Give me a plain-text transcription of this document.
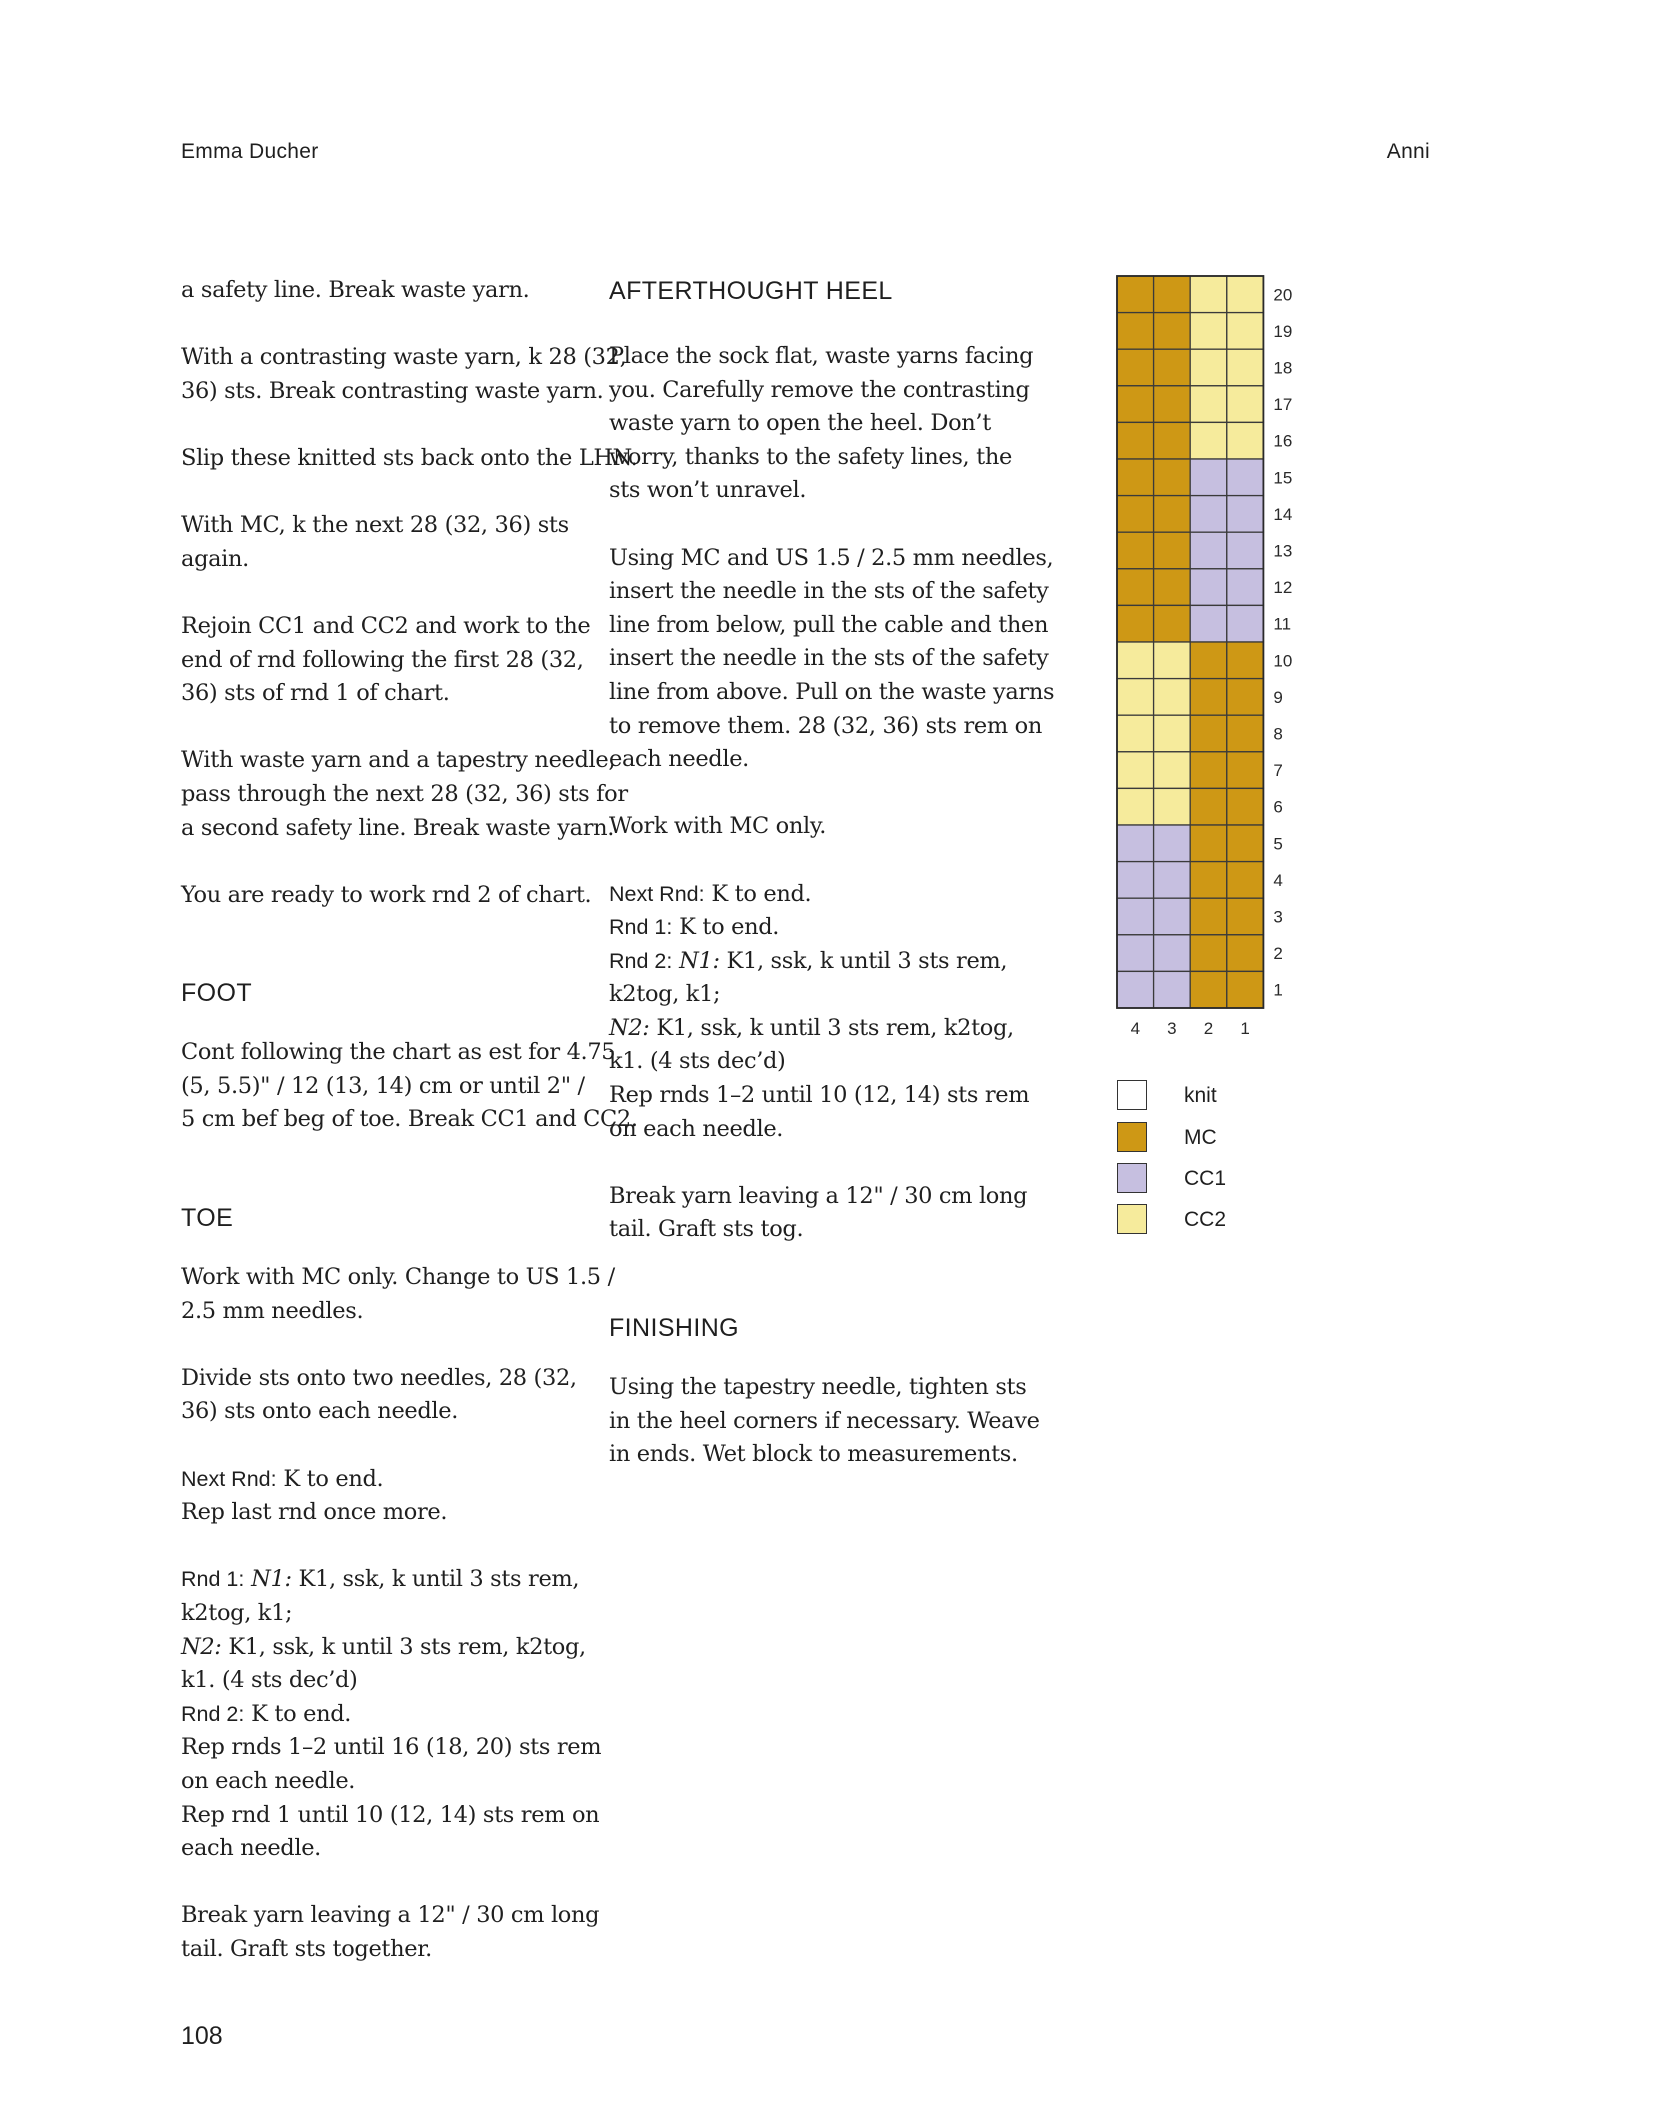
Emma Ducher	Anni

a safety line. Break waste yarn.

With a contrasting waste yarn, k 28 (32,
36) sts. Break contrasting waste yarn.

Slip these knitted sts back onto the LHN.

With MC, k the next 28 (32, 36) sts
again.

Rejoin CC1 and CC2 and work to the
end of rnd following the first 28 (32,
36) sts of rnd 1 of chart.

With waste yarn and a tapestry needle,
pass through the next 28 (32, 36) sts for
a second safety line. Break waste yarn.

You are ready to work rnd 2 of chart.

FOOT

Cont following the chart as est for 4.75
(5, 5.5)" / 12 (13, 14) cm or until 2" /
5 cm bef beg of toe. Break CC1 and CC2.

TOE

Work with MC only. Change to US 1.5 /
2.5 mm needles.

Divide sts onto two needles, 28 (32,
36) sts onto each needle.

Next Rnd: K to end.
Rep last rnd once more.

Rnd 1: N1: K1, ssk, k until 3 sts rem,
k2tog, k1;
N2: K1, ssk, k until 3 sts rem, k2tog,
k1. (4 sts dec’d)
Rnd 2: K to end.
Rep rnds 1–2 until 16 (18, 20) sts rem
on each needle.
Rep rnd 1 until 10 (12, 14) sts rem on
each needle.

Break yarn leaving a 12" / 30 cm long
tail. Graft sts together.

AFTERTHOUGHT HEEL

Place the sock flat, waste yarns facing
you. Carefully remove the contrasting
waste yarn to open the heel. Don’t
worry, thanks to the safety lines, the
sts won’t unravel.

Using MC and US 1.5 / 2.5 mm needles,
insert the needle in the sts of the safety
line from below, pull the cable and then
insert the needle in the sts of the safety
line from above. Pull on the waste yarns
to remove them. 28 (32, 36) sts rem on
each needle.

Work with MC only.

Next Rnd: K to end.
Rnd 1: K to end.
Rnd 2: N1: K1, ssk, k until 3 sts rem,
k2tog, k1;
N2: K1, ssk, k until 3 sts rem, k2tog,
k1. (4 sts dec’d)
Rep rnds 1–2 until 10 (12, 14) sts rem
on each needle.

Break yarn leaving a 12" / 30 cm long
tail. Graft sts tog.

FINISHING

Using the tapestry needle, tighten sts
in the heel corners if necessary. Weave
in ends. Wet block to measurements.

20
19
18
17
16
15
14
13
12
11
10
9
8
7
6
5
4
3
2
1
4 3 2 1
knit
MC
CC1
CC2
108
